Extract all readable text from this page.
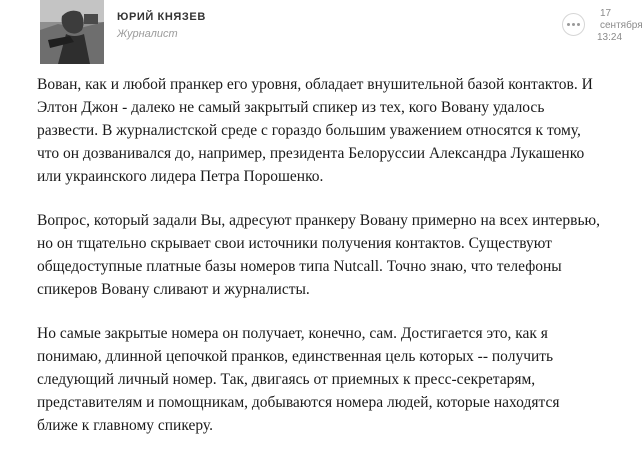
ЮРИЙ КНЯЗЕВ
Журналист
17
сентября
13:24

Вован, как и любой пранкер его уровня, обладает внушительной базой контактов. И
Элтон Джон - далеко не самый закрытый спикер из тех, кого Вовану удалось
развести. В журналистской среде с гораздо большим уважением относятся к тому,
что он дозванивался до, например, президента Белоруссии Александра Лукашенко
или украинского лидера Петра Порошенко.

Вопрос, который задали Вы, адресуют пранкеру Вовану примерно на всех интервью,
но он тщательно скрывает свои источники получения контактов. Существуют
общедоступные платные базы номеров типа Nutcall. Точно знаю, что телефоны
спикеров Вовану сливают и журналисты.

Но самые закрытые номера он получает, конечно, сам. Достигается это, как я
понимаю, длинной цепочкой пранков, единственная цель которых -- получить
следующий личный номер. Так, двигаясь от приемных к пресс-секретарям,
представителям и помощникам, добываются номера людей, которые находятся
ближе к главному спикеру.
